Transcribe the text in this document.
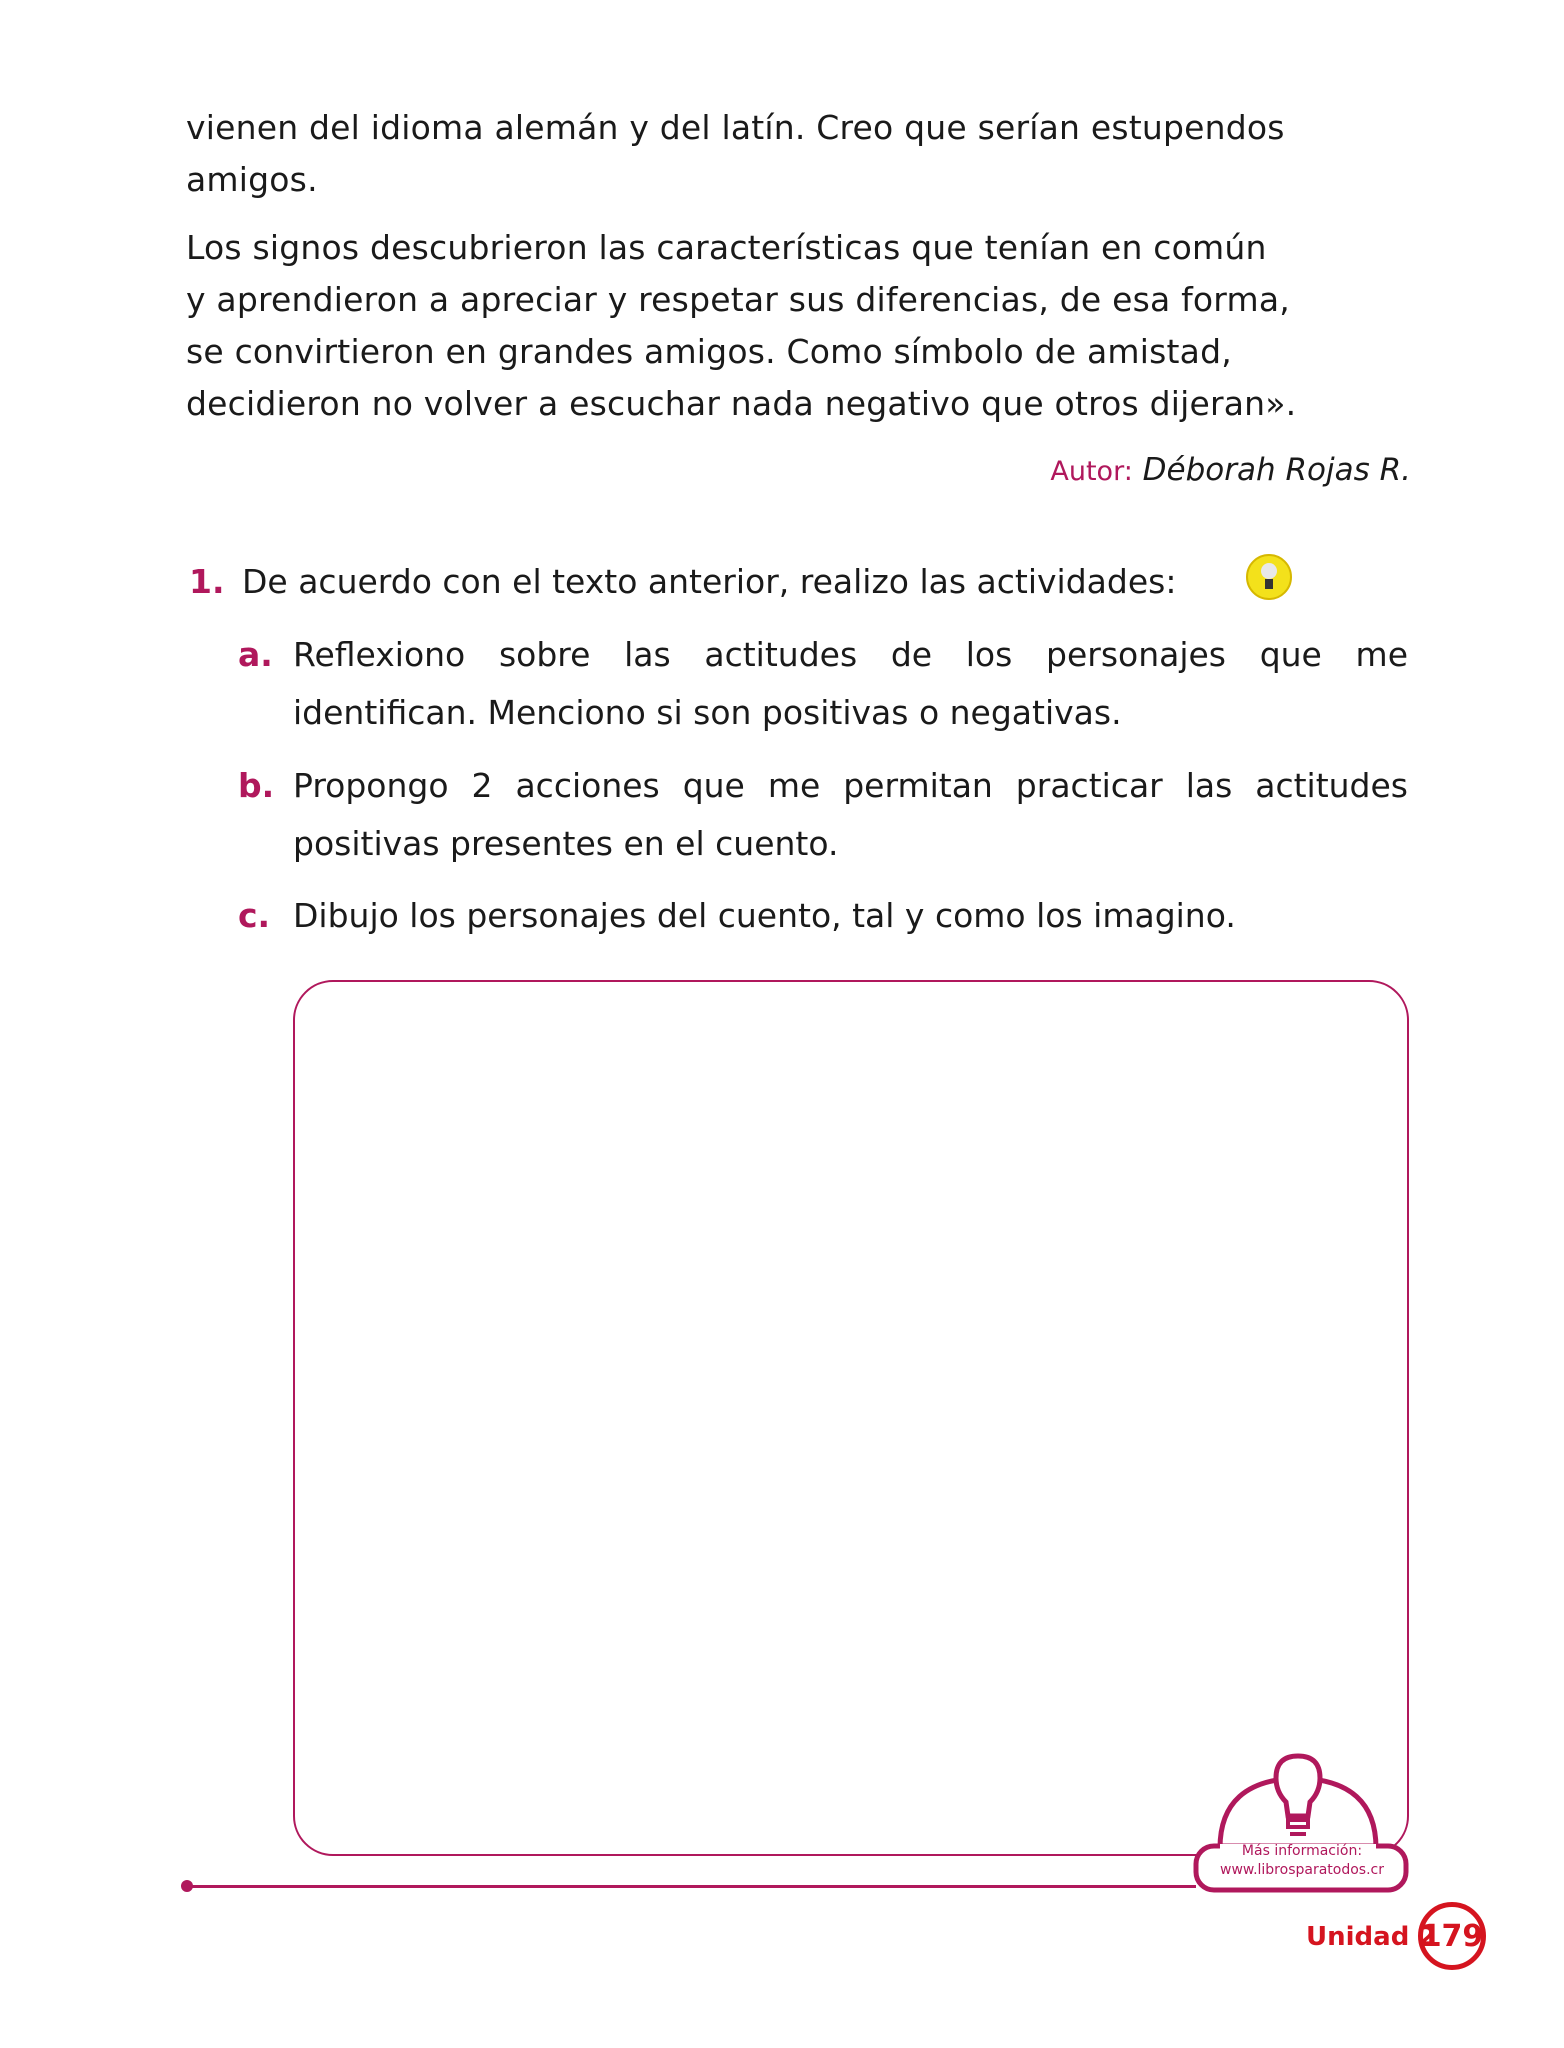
vienen del idioma alemán y del latín. Creo que serían estupendos
amigos.

Los signos descubrieron las características que tenían en común
y aprendieron a apreciar y respetar sus diferencias, de esa forma,
se convirtieron en grandes amigos. Como símbolo de amistad,
decidieron no volver a escuchar nada negativo que otros dijeran».

Autor: Déborah Rojas R.
1. De acuerdo con el texto anterior, realizo las actividades:
a. Reflexiono sobre las actitudes de los personajes que me
identifican. Menciono si son positivas o negativas.
b. Propongo 2 acciones que me permitan practicar las actitudes
positivas presentes en el cuento.
c. Dibujo los personajes del cuento, tal y como los imagino.
Más información:
www.librosparatodos.cr
Unidad 2
179
